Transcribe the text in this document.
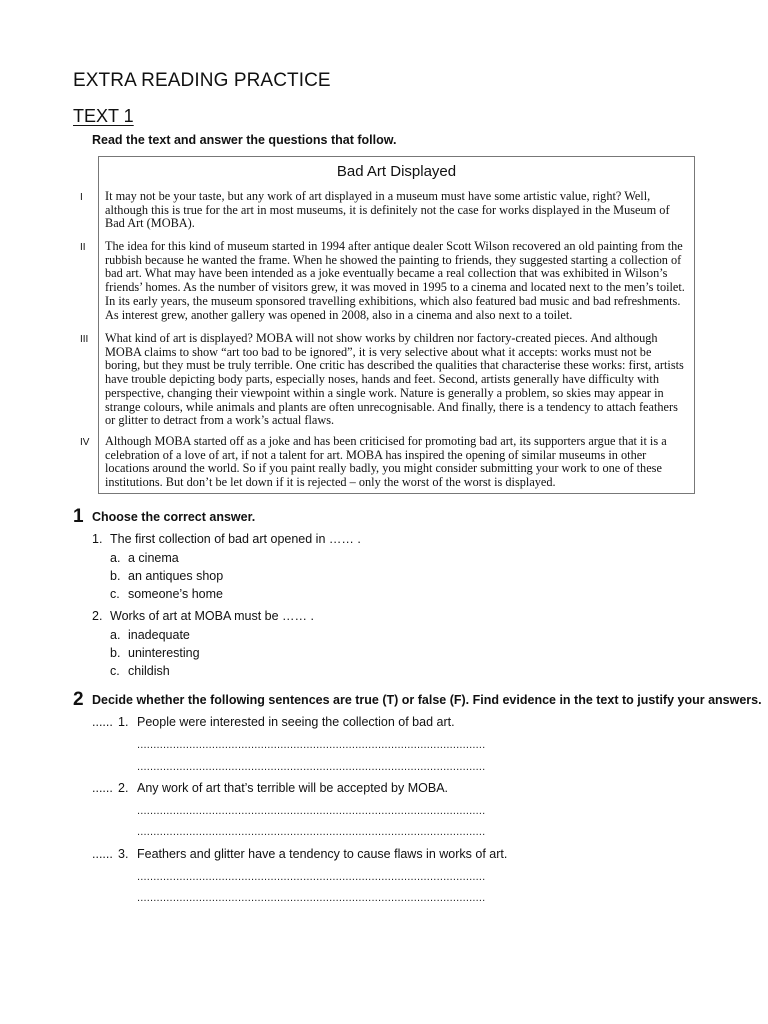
EXTRA READING PRACTICE
TEXT 1
Read the text and answer the questions that follow.
I
II
III
IV
Bad Art Displayed
It may not be your taste, but any work of art displayed in a museum must have some artistic value, right? Well, although this is true for the art in most museums, it is definitely not the case for works displayed in the Museum of Bad Art (MOBA).
The idea for this kind of museum started in 1994 after antique dealer Scott Wilson recovered an old painting from the rubbish because he wanted the frame. When he showed the painting to friends, they suggested starting a collection of bad art. What may have been intended as a joke eventually became a real collection that was exhibited in Wilson’s friends’ homes. As the number of visitors grew, it was moved in 1995 to a cinema and located next to the men’s toilet. In its early years, the museum sponsored travelling exhibitions, which also featured bad music and bad refreshments. As interest grew, another gallery was opened in 2008, also in a cinema and also next to a toilet.
What kind of art is displayed? MOBA will not show works by children nor factory-created pieces. And although MOBA claims to show “art too bad to be ignored”, it is very selective about what it accepts: works must not be boring, but they must be truly terrible. One critic has described the qualities that characterise these works: first, artists have trouble depicting body parts, especially noses, hands and feet. Second, artists generally have difficulty with perspective, changing their viewpoint within a single work. Nature is generally a problem, so skies may appear in strange colours, while animals and plants are often unrecognisable. And finally, there is a tendency to attach feathers or glitter to detract from a work’s actual flaws.
Although MOBA started off as a joke and has been criticised for promoting bad art, its supporters argue that it is a celebration of a love of art, if not a talent for art. MOBA has inspired the opening of similar museums in other locations around the world. So if you paint really badly, you might consider submitting your work to one of these institutions. But don’t be let down if it is rejected – only the worst of the worst is displayed.
1 Choose the correct answer.
1. The first collection of bad art opened in …… .
a. a cinema
b. an antiques shop
c. someone’s home
2. Works of art at MOBA must be …… .
a. inadequate
b. uninteresting
c. childish
2 Decide whether the following sentences are true (T) or false (F). Find evidence in the text to justify your answers.
...... 1. People were interested in seeing the collection of bad art.
...........................................................................................................
...........................................................................................................
...... 2. Any work of art that’s terrible will be accepted by MOBA.
...........................................................................................................
...........................................................................................................
...... 3. Feathers and glitter have a tendency to cause flaws in works of art.
...........................................................................................................
...........................................................................................................
